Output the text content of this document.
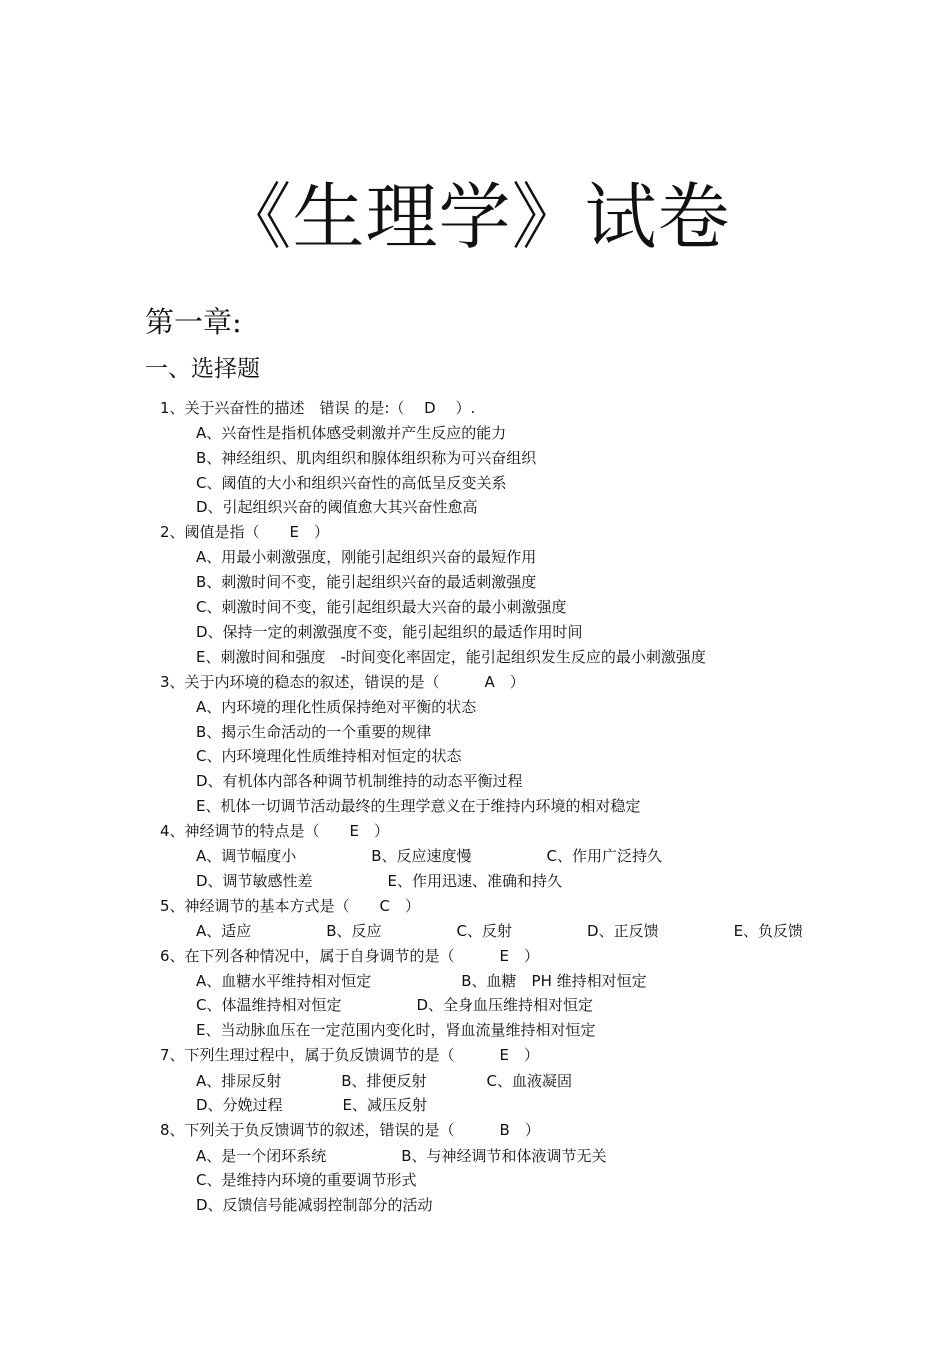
《生理学》试卷
第一章:
一、选择题
1、关于兴奋性的描述　错误 的是:（　 D　 ）.
A、兴奋性是指机体感受刺激并产生反应的能力
B、神经组织、肌肉组织和腺体组织称为可兴奋组织
C、阈值的大小和组织兴奋性的高低呈反变关系
D、引起组织兴奋的阈值愈大其兴奋性愈高
2、阈值是指（　　E　）
A、用最小刺激强度，刚能引起组织兴奋的最短作用
B、刺激时间不变，能引起组织兴奋的最适刺激强度
C、刺激时间不变，能引起组织最大兴奋的最小刺激强度
D、保持一定的刺激强度不变，能引起组织的最适作用时间
E、刺激时间和强度　-时间变化率固定，能引起组织发生反应的最小刺激强度
3、关于内环境的稳态的叙述，错误的是（　　　A　）
A、内环境的理化性质保持绝对平衡的状态
B、揭示生命活动的一个重要的规律
C、内环境理化性质维持相对恒定的状态
D、有机体内部各种调节机制维持的动态平衡过程
E、机体一切调节活动最终的生理学意义在于维持内环境的相对稳定
4、神经调节的特点是（　　E　）
A、调节幅度小　　　　　B、反应速度慢　　　　　C、作用广泛持久
D、调节敏感性差　　　　　E、作用迅速、准确和持久
5、神经调节的基本方式是（　　C　）
A、适应　　　　　B、反应　　　　　C、反射　　　　　D、正反馈　　　　　E、负反馈
6、在下列各种情况中，属于自身调节的是（　　　E　）
A、血糖水平维持相对恒定　　　　　　B、血糖　PH 维持相对恒定
C、体温维持相对恒定　　　　　D、全身血压维持相对恒定
E、当动脉血压在一定范围内变化时，肾血流量维持相对恒定
7、下列生理过程中，属于负反馈调节的是（　　　E　）
A、排尿反射　　　　B、排便反射　　　　C、血液凝固
D、分娩过程　　　　E、减压反射
8、下列关于负反馈调节的叙述，错误的是（　　　B　）
A、是一个闭环系统　　　　　B、与神经调节和体液调节无关
C、是维持内环境的重要调节形式
D、反馈信号能减弱控制部分的活动
